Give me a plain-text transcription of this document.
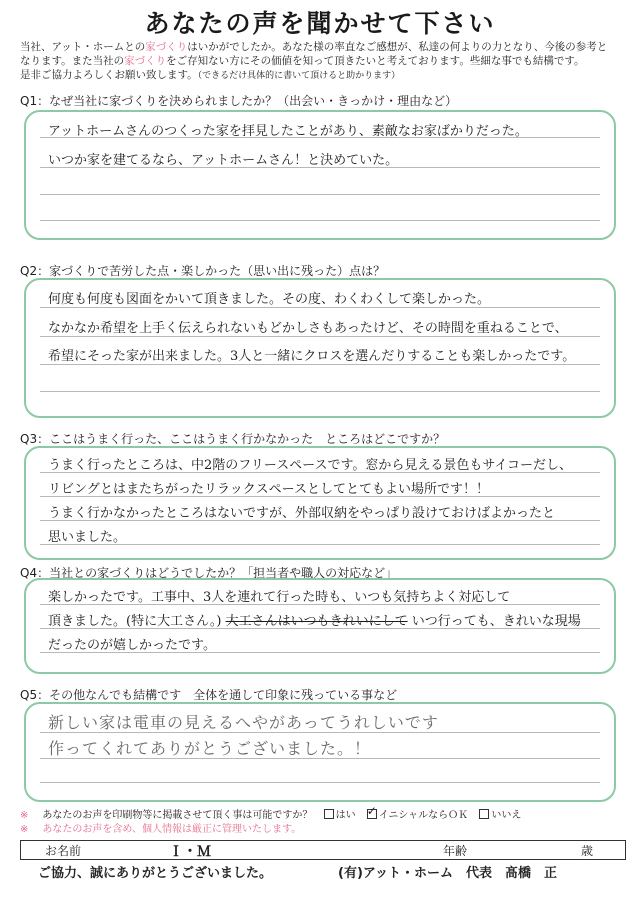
あなたの声を聞かせて下さい
当社、アット・ホームとの家づくりはいかがでしたか。あなた様の率直なご感想が、私達の何よりの力となり、今後の参考と
なります。また当社の家づくりをご存知ない方にその価値を知って頂きたいと考えております。些細な事でも結構です。
是非ご協力よろしくお願い致します。（できるだけ具体的に書いて頂けると助かります）
Q1：なぜ当社に家づくりを決められましたか？（出会い・きっかけ・理由など）
アットホームさんのつくった家を拝見したことがあり、素敵なお家ばかりだった。
いつか家を建てるなら、アットホームさん！と決めていた。
Q2：家づくりで苦労した点・楽しかった（思い出に残った）点は？
何度も何度も図面をかいて頂きました。その度、わくわくして楽しかった。
なかなか希望を上手く伝えられないもどかしさもあったけど、その時間を重ねることで、
希望にそった家が出来ました。3人と一緒にクロスを選んだりすることも楽しかったです。
Q3：ここはうまく行った、ここはうまく行かなかった　ところはどこですか？
うまく行ったところは、中2階のフリースペースです。窓から見える景色もサイコーだし、
リビングとはまたちがったリラックスペースとしてとてもよい場所です！！
うまく行かなかったところはないですが、外部収納をやっぱり設けておけばよかったと
思いました。
Q4：当社との家づくりはどうでしたか？「担当者や職人の対応など」
楽しかったです。工事中、3人を連れて行った時も、いつも気持ちよく対応して
頂きました。(特に大工さん。) 大工さんはいつもきれいにして いつ行っても、きれいな現場
だったのが嬉しかったです。
Q5：その他なんでも結構です　全体を通して印象に残っている事など
新しい家は電車の見えるへやがあってうれしいです
作ってくれてありがとうございました。！
※ あなたのお声を印刷物等に掲載させて頂く事は可能ですか？ はい ✓ イニシャルならＯＫ いいえ
※ あなたのお声を含め、個人情報は厳正に管理いたします。
お名前	Ｉ・Ｍ	年齢	歳
ご協力、誠にありがとうございました。	(有)アット・ホーム　代表　髙橋　正
